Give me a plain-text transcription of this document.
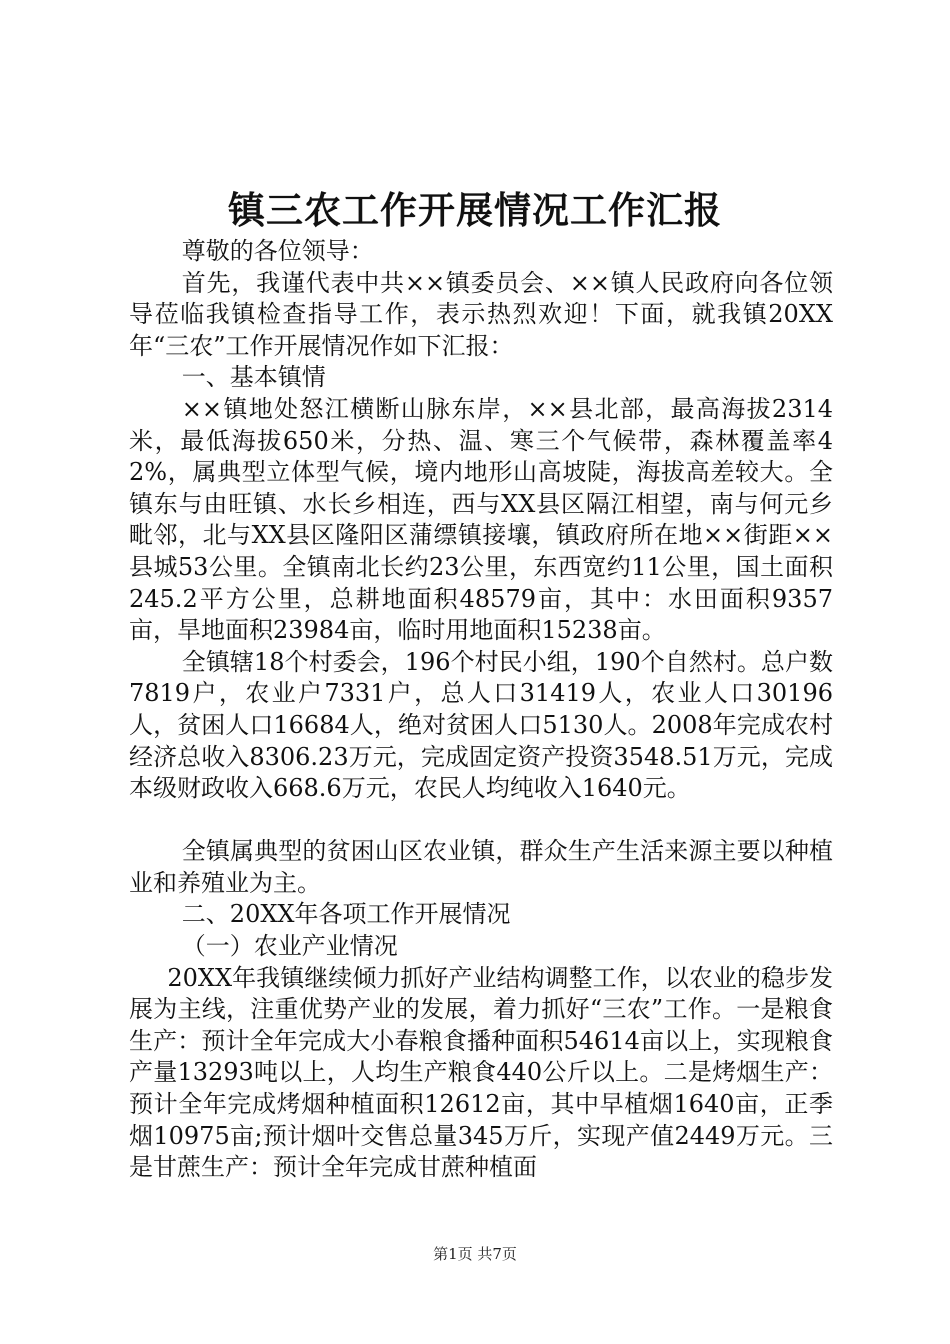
镇三农工作开展情况工作汇报

尊敬的各位领导：

首先，我谨代表中共××镇委员会、××镇人民政府向各位领导莅临我镇检查指导工作，表示热烈欢迎！下面，就我镇20XX年“三农”工作开展情况作如下汇报：

一、基本镇情

××镇地处怒江横断山脉东岸，××县北部，最高海拔2314米，最低海拔650米，分热、温、寒三个气候带，森林覆盖率42%，属典型立体型气候，境内地形山高坡陡，海拔高差较大。全镇东与由旺镇、水长乡相连，西与XX县区隔江相望，南与何元乡毗邻，北与XX县区隆阳区蒲缥镇接壤，镇政府所在地××街距××县城53公里。全镇南北长约23公里，东西宽约11公里，国土面积245.2平方公里，总耕地面积48579亩，其中：水田面积9357亩，旱地面积23984亩，临时用地面积15238亩。

全镇辖18个村委会，196个村民小组，190个自然村。总户数7819户，农业户7331户，总人口31419人，农业人口30196人，贫困人口16684人，绝对贫困人口5130人。2008年完成农村经济总收入8306.23万元，完成固定资产投资3548.51万元，完成本级财政收入668.6万元，农民人均纯收入1640元。

全镇属典型的贫困山区农业镇，群众生产生活来源主要以种植业和养殖业为主。

二、20XX年各项工作开展情况

（一）农业产业情况

20XX年我镇继续倾力抓好产业结构调整工作，以农业的稳步发展为主线，注重优势产业的发展，着力抓好“三农”工作。一是粮食生产：预计全年完成大小春粮食播种面积54614亩以上，实现粮食产量13293吨以上，人均生产粮食440公斤以上。二是烤烟生产：预计全年完成烤烟种植面积12612亩，其中早植烟1640亩，正季烟10975亩;预计烟叶交售总量345万斤，实现产值2449万元。三是甘蔗生产：预计全年完成甘蔗种植面

第1页 共7页
